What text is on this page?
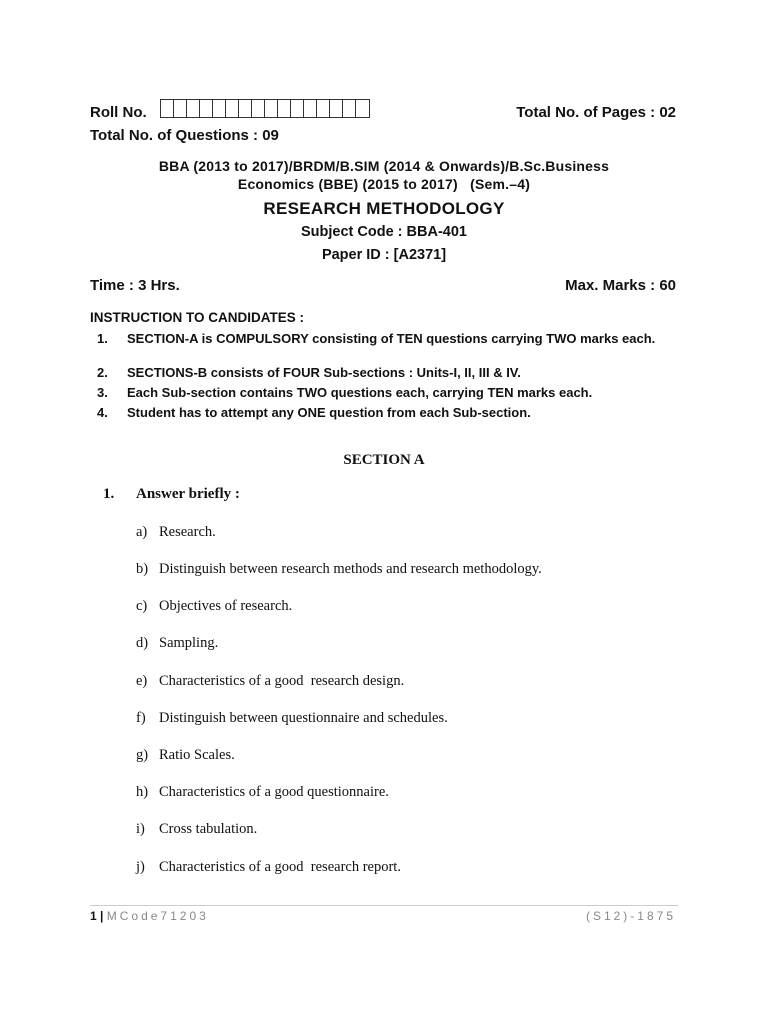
Roll No.	Total No. of Pages : 02
Total No. of Questions : 09
BBA (2013 to 2017)/BRDM/B.SIM (2014 & Onwards)/B.Sc.Business
Economics (BBE) (2015 to 2017)   (Sem.–4)
RESEARCH METHODOLOGY
Subject Code : BBA-401
Paper ID : [A2371]
Time : 3 Hrs.	Max. Marks : 60
INSTRUCTION TO CANDIDATES :
1.	SECTION-A is COMPULSORY consisting of TEN questions carrying TWO marks each.
2.	SECTIONS-B consists of FOUR Sub-sections : Units-I, II, III & IV.
3.	Each Sub-section contains TWO questions each, carrying TEN marks each.
4.	Student has to attempt any ONE question from each Sub-section.
SECTION A
1. Answer briefly :
a) Research.
b) Distinguish between research methods and research methodology.
c) Objectives of research.
d) Sampling.
e) Characteristics of a good  research design.
f) Distinguish between questionnaire and schedules.
g) Ratio Scales.
h) Characteristics of a good questionnaire.
i) Cross tabulation.
j) Characteristics of a good  research report.
1 | MCode71203	(S12)-1875
